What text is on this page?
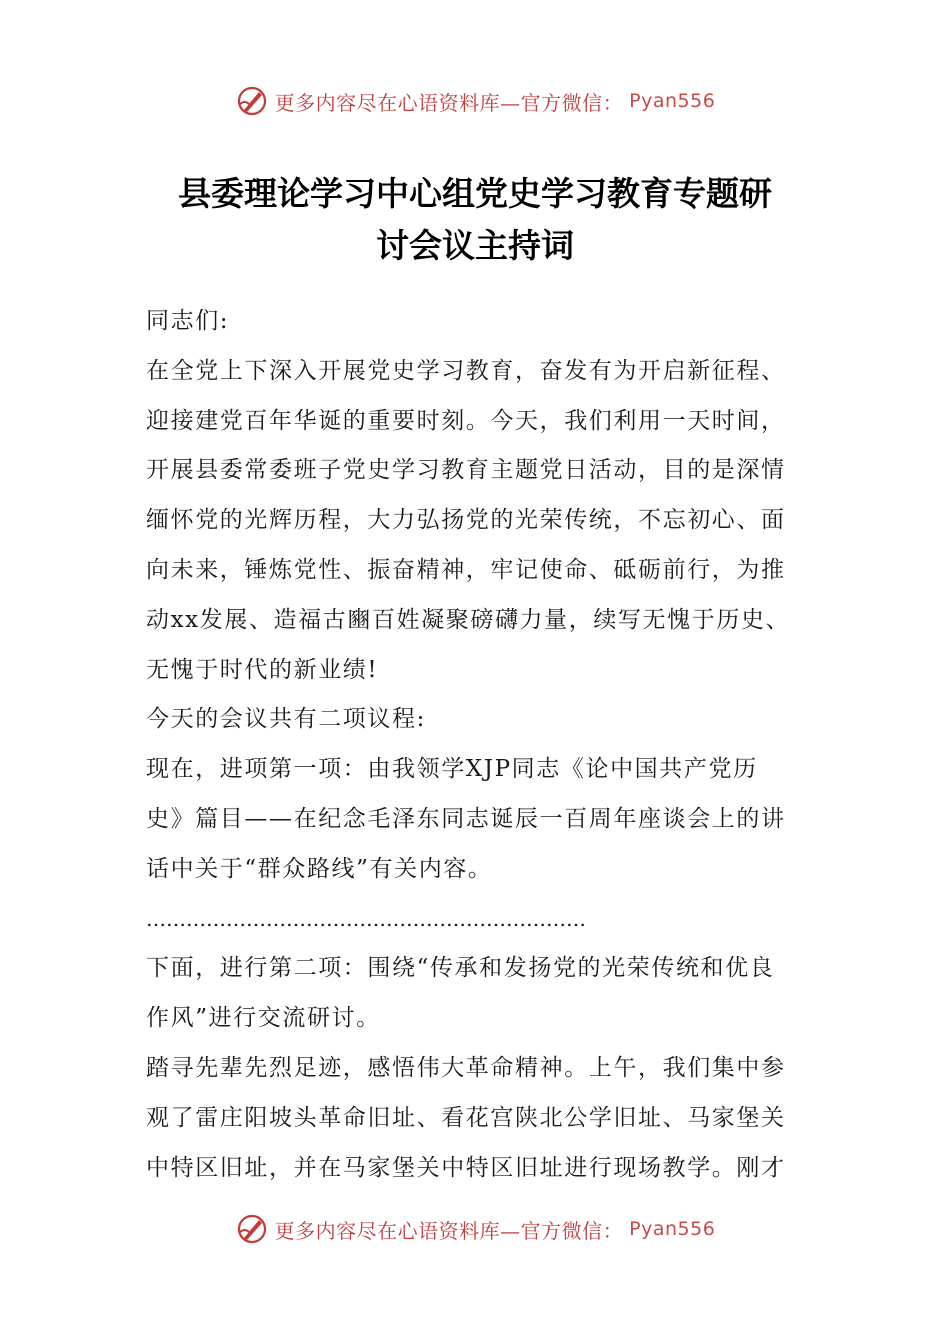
更多内容尽在心语资料库—官方微信： Pyan556
县委理论学习中心组党史学习教育专题研
讨会议主持词

同志们:

在全党上下深入开展党史学习教育，奋发有为开启新征程、

迎接建党百年华诞的重要时刻。今天，我们利用一天时间，

开展县委常委班子党史学习教育主题党日活动，目的是深情

缅怀党的光辉历程，大力弘扬党的光荣传统，不忘初心、面

向未来，锤炼党性、振奋精神，牢记使命、砥砺前行，为推

动xx发展、造福古豳百姓凝聚磅礴力量，续写无愧于历史、

无愧于时代的新业绩!

今天的会议共有二项议程:

现在，进项第一项：由我领学XJP同志《论中国共产党历

史》篇目——在纪念毛泽东同志诞辰一百周年座谈会上的讲

话中关于“群众路线”有关内容。

…………………………………………………………

下面，进行第二项：围绕“传承和发扬党的光荣传统和优良

作风”进行交流研讨。

踏寻先辈先烈足迹，感悟伟大革命精神。上午，我们集中参

观了雷庄阳坡头革命旧址、看花宫陕北公学旧址、马家堡关

中特区旧址，并在马家堡关中特区旧址进行现场教学。刚才

更多内容尽在心语资料库—官方微信： Pyan556
